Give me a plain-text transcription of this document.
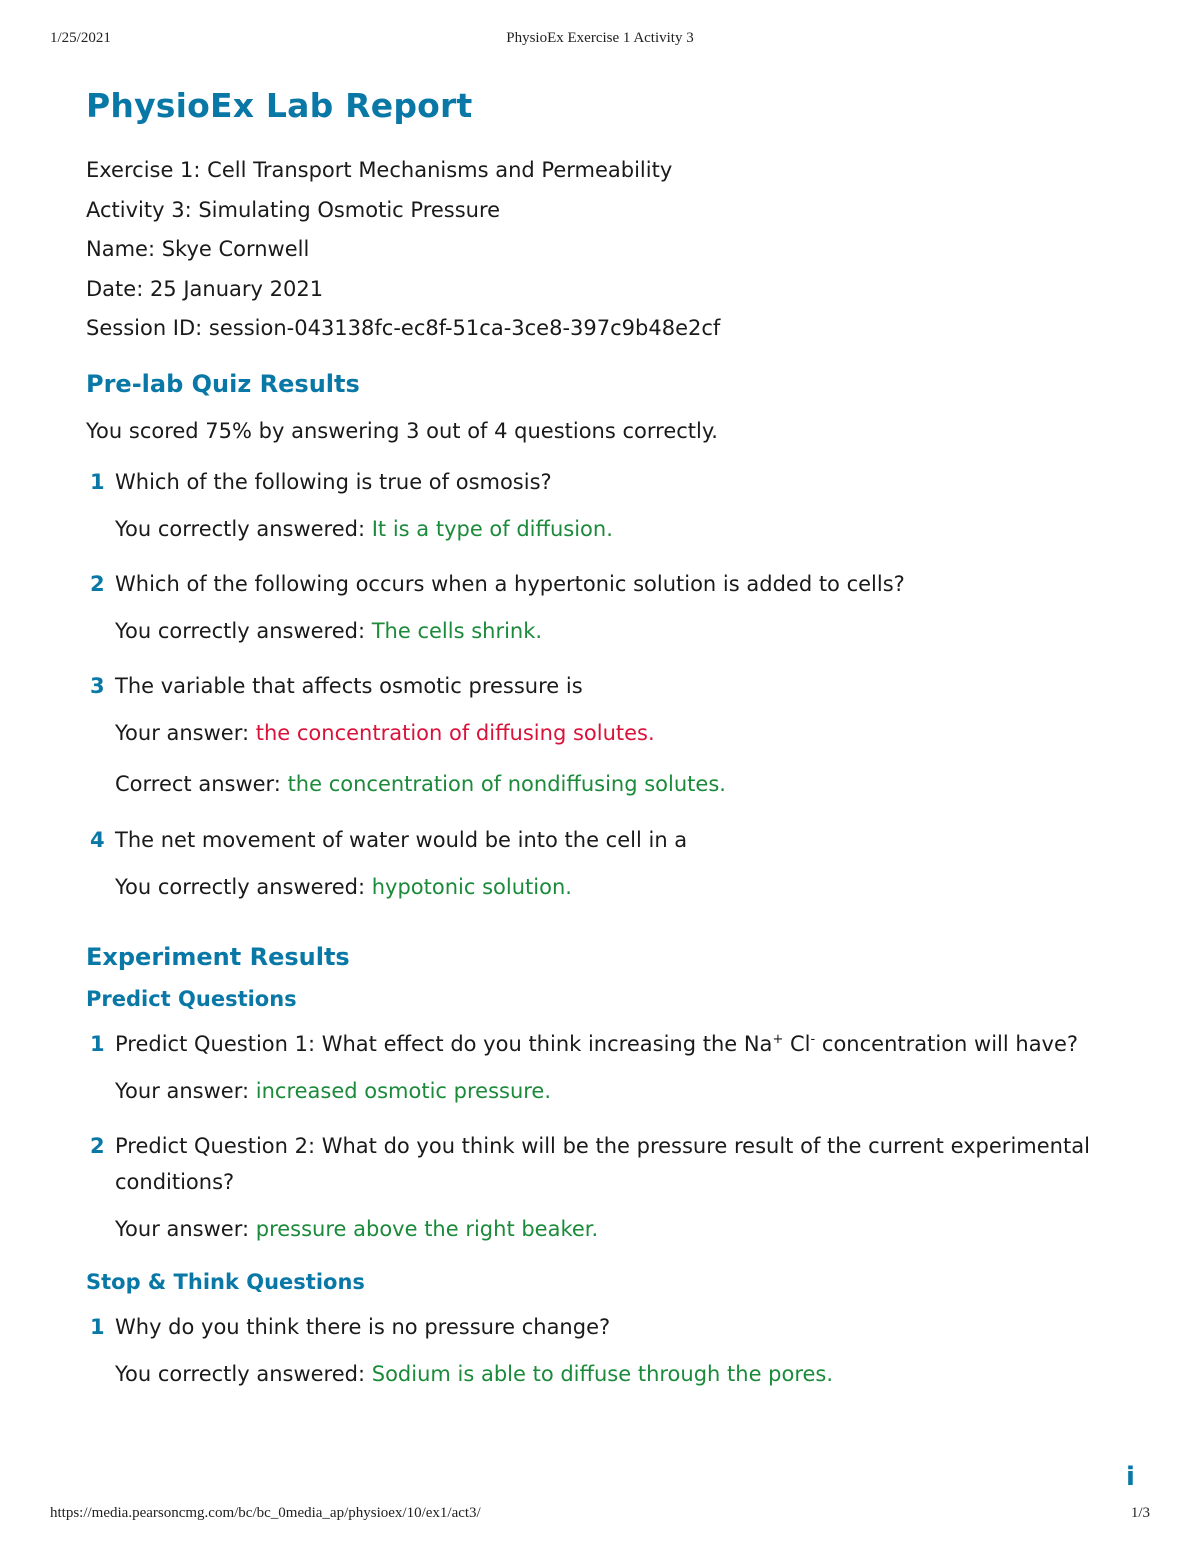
1/25/2021	PhysioEx Exercise 1 Activity 3
PhysioEx Lab Report
Exercise 1: Cell Transport Mechanisms and Permeability
Activity 3: Simulating Osmotic Pressure
Name: Skye Cornwell
Date: 25 January 2021
Session ID: session-043138fc-ec8f-51ca-3ce8-397c9b48e2cf
Pre-lab Quiz Results
You scored 75% by answering 3 out of 4 questions correctly.
1 Which of the following is true of osmosis?
You correctly answered: It is a type of diffusion.
2 Which of the following occurs when a hypertonic solution is added to cells?
You correctly answered: The cells shrink.
3 The variable that affects osmotic pressure is
Your answer: the concentration of diffusing solutes.
Correct answer: the concentration of nondiffusing solutes.
4 The net movement of water would be into the cell in a
You correctly answered: hypotonic solution.
Experiment Results
Predict Questions
1 Predict Question 1: What effect do you think increasing the Na+ Cl- concentration will have?
Your answer: increased osmotic pressure.
2 Predict Question 2: What do you think will be the pressure result of the current experimental conditions?
Your answer: pressure above the right beaker.
Stop & Think Questions
1 Why do you think there is no pressure change?
You correctly answered: Sodium is able to diffuse through the pores.
i
https://media.pearsoncmg.com/bc/bc_0media_ap/physioex/10/ex1/act3/	1/3
